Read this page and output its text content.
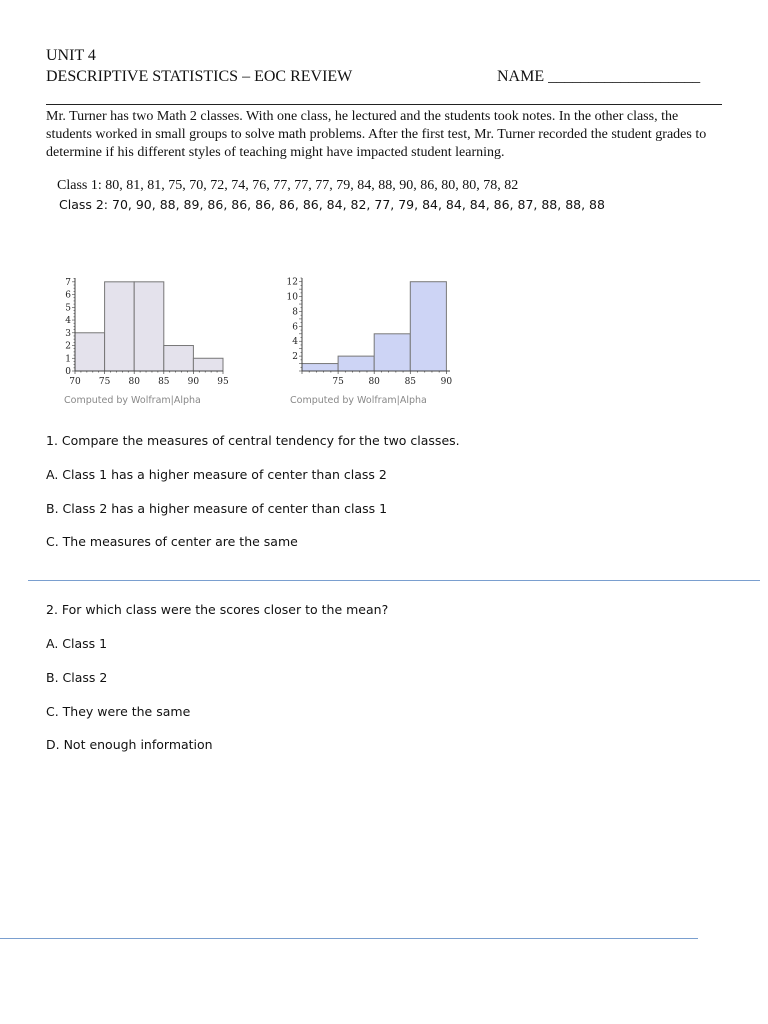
UNIT 4
DESCRIPTIVE STATISTICS – EOC REVIEW	NAME ___________________
Mr. Turner has two Math 2 classes. With one class, he lectured and the students took notes. In the other class, the students worked in small groups to solve math problems. After the first test, Mr. Turner recorded the student grades to determine if his different styles of teaching might have impacted student learning.
Class 1: 80, 81, 81, 75, 70, 72, 74, 76, 77, 77, 77, 79, 84, 88, 90, 86, 80, 80, 78, 82
Class 2: 70, 90, 88, 89, 86, 86, 86, 86, 86, 84, 82, 77, 79, 84, 84, 84, 86, 87, 88, 88, 88
70 75 80 85 90 95
0
1
2
3
4
5
6
7
75	80	85	90
2
4
6
8
10
12
Computed by Wolfram|Alpha	Computed by Wolfram|Alpha
1. Compare the measures of central tendency for the two classes.
A. Class 1 has a higher measure of center than class 2
B. Class 2 has a higher measure of center than class 1
C. The measures of center are the same
2. For which class were the scores closer to the mean?
A. Class 1
B. Class 2
C. They were the same
D. Not enough information
